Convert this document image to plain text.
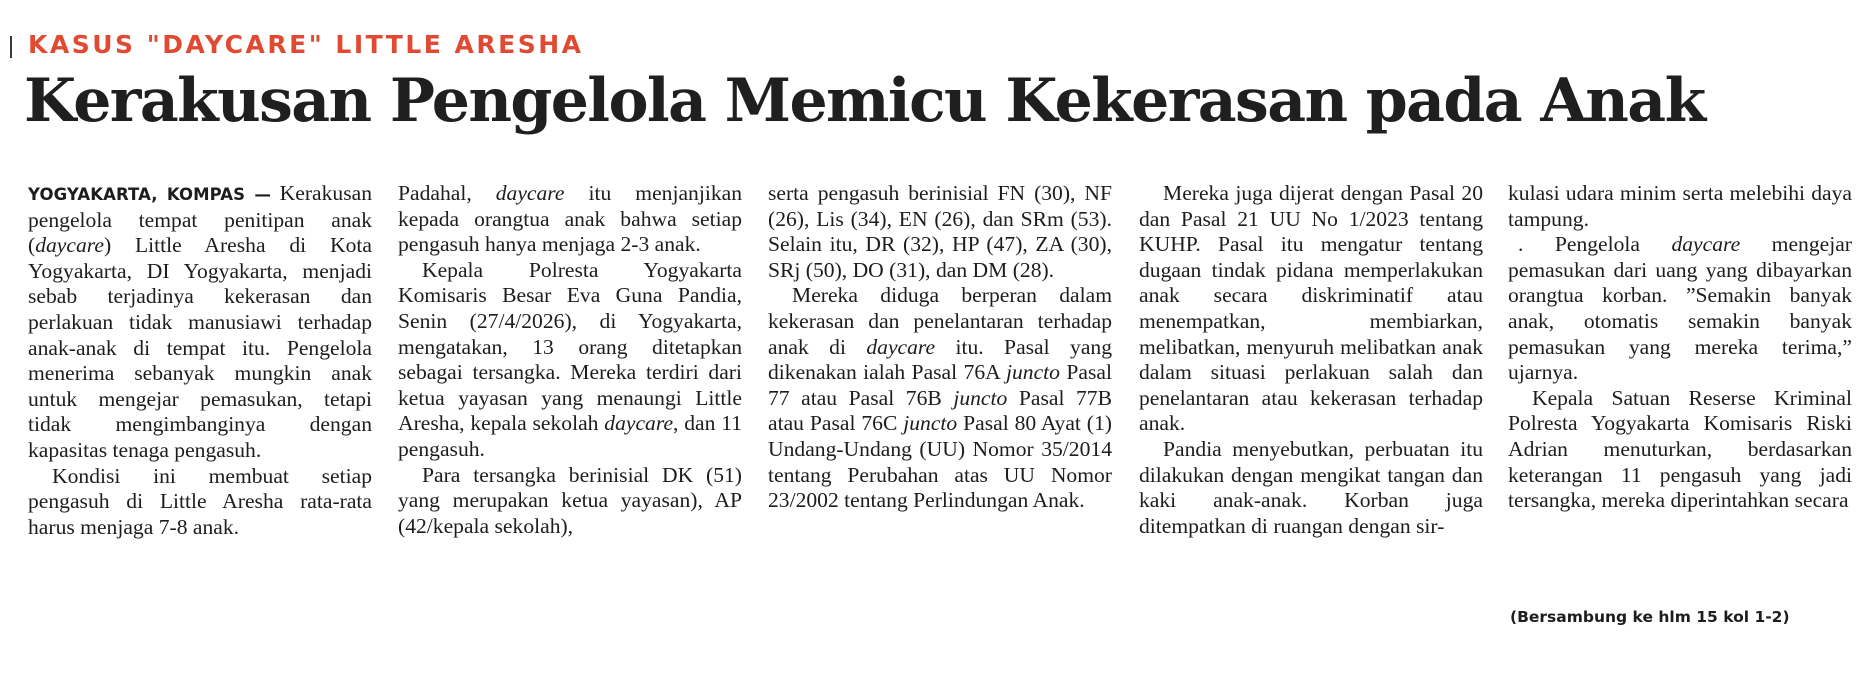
KASUS "DAYCARE" LITTLE ARESHA
Kerakusan Pengelola Memicu Kekerasan pada Anak

YOGYAKARTA, KOMPAS — Kerakusan pengelola tempat penitipan anak (daycare) Little Aresha di Kota Yogyakarta, DI Yogyakarta, menjadi sebab terjadinya kekerasan dan perlakuan tidak manusiawi terhadap anak-anak di tempat itu. Pengelola menerima sebanyak mungkin anak untuk mengejar pemasukan, tetapi tidak mengimbanginya dengan kapasitas tenaga pengasuh.

Kondisi ini membuat setiap pengasuh di Little Aresha rata-rata harus menjaga 7-8 anak.

Padahal, daycare itu menjanjikan kepada orangtua anak bahwa setiap pengasuh hanya menjaga 2-3 anak.

Kepala Polresta Yogyakarta Komisaris Besar Eva Guna Pandia, Senin (27/4/2026), di Yogyakarta, mengatakan, 13 orang ditetapkan sebagai tersangka. Mereka terdiri dari ketua yayasan yang menaungi Little Aresha, kepala sekolah daycare, dan 11 pengasuh.

Para tersangka berinisial DK (51) yang merupakan ketua yayasan), AP (42/kepala sekolah),

serta pengasuh berinisial FN (30), NF (26), Lis (34), EN (26), dan SRm (53). Selain itu, DR (32), HP (47), ZA (30), SRj (50), DO (31), dan DM (28).

Mereka diduga berperan dalam kekerasan dan penelantaran terhadap anak di daycare itu. Pasal yang dikenakan ialah Pasal 76A juncto Pasal 77 atau Pasal 76B juncto Pasal 77B atau Pasal 76C juncto Pasal 80 Ayat (1) Undang-Undang (UU) Nomor 35/2014 tentang Perubahan atas UU Nomor 23/2002 tentang Perlindungan Anak.

Mereka juga dijerat dengan Pasal 20 dan Pasal 21 UU No 1/2023 tentang KUHP. Pasal itu mengatur tentang dugaan tindak pidana memperlakukan anak secara diskriminatif atau menempatkan, membiarkan, melibatkan, menyuruh melibatkan anak dalam situasi perlakuan salah dan penelantaran atau kekerasan terhadap anak.

Pandia menyebutkan, perbuatan itu dilakukan dengan mengikat tangan dan kaki anak-anak. Korban juga ditempatkan di ruangan dengan sir-

kulasi udara minim serta melebihi daya tampung.

. Pengelola daycare mengejar pemasukan dari uang yang dibayarkan orangtua korban. ”Semakin banyak anak, otomatis semakin banyak pemasukan yang mereka terima,” ujarnya.

Kepala Satuan Reserse Kriminal Polresta Yogyakarta Komisaris Riski Adrian menuturkan, berdasarkan keterangan 11 pengasuh yang jadi tersangka, mereka diperintahkan secara

(Bersambung ke hlm 15 kol 1-2)
